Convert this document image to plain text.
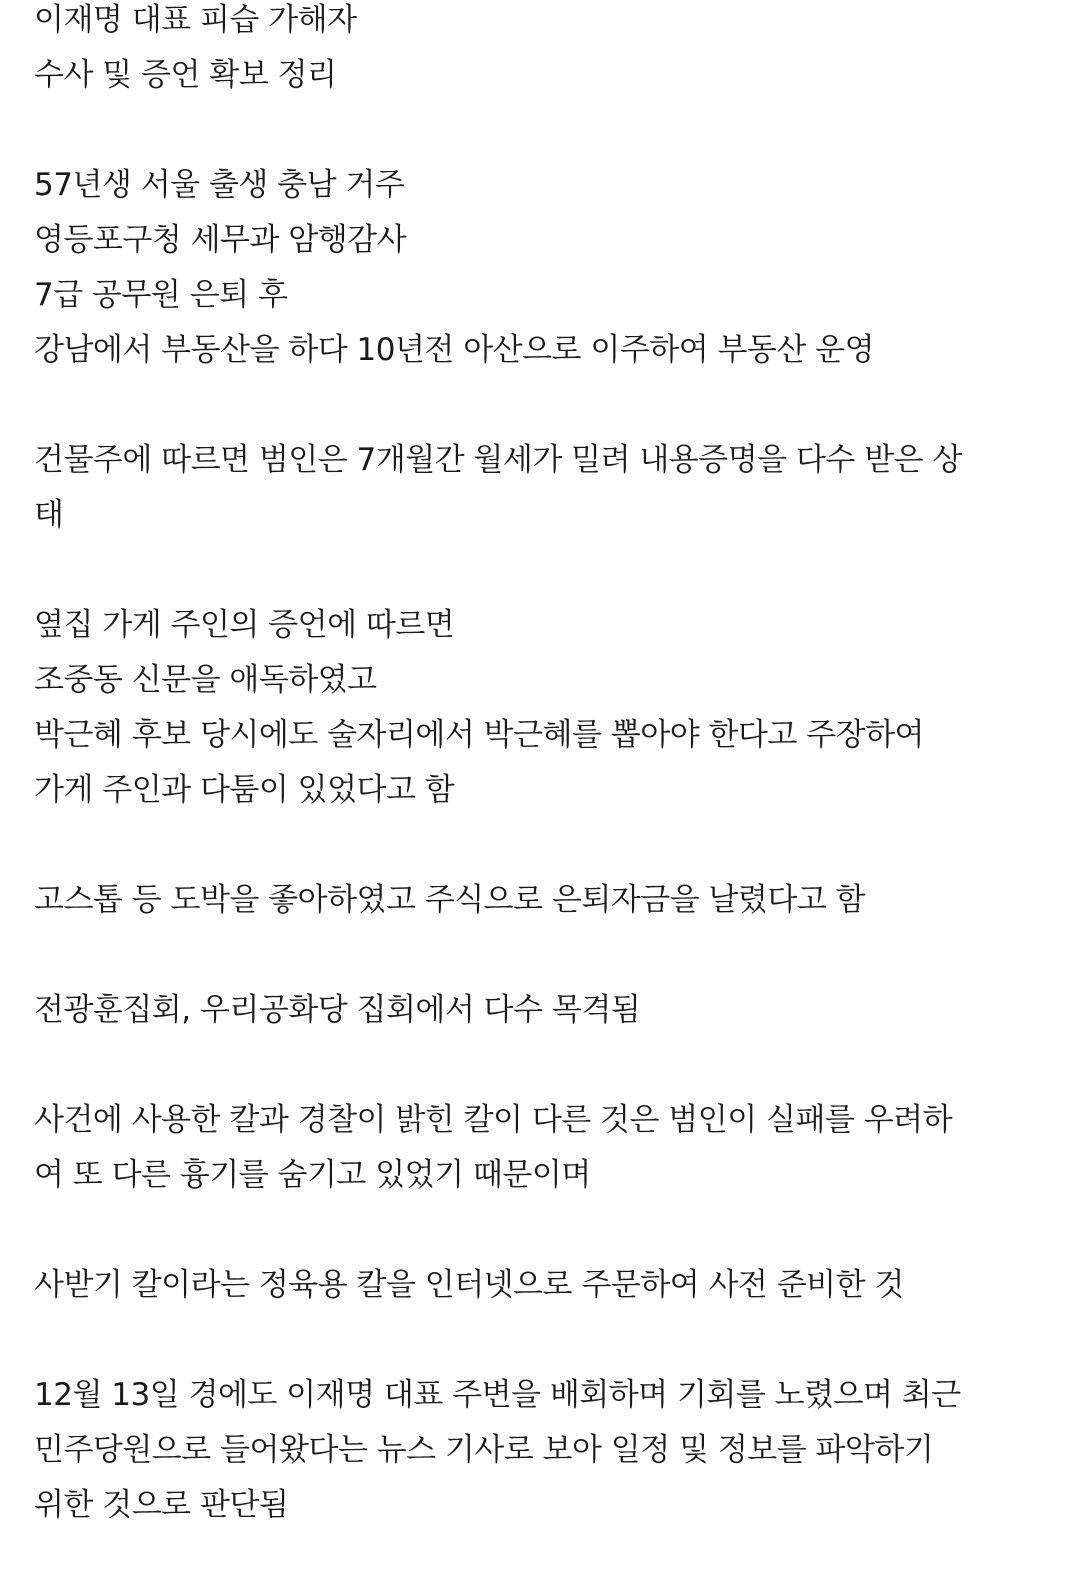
이재명 대표 피습 가해자
수사 및 증언 확보 정리
57년생 서울 출생 충남 거주
영등포구청 세무과 암행감사
7급 공무원 은퇴 후
강남에서 부동산을 하다 10년전 아산으로 이주하여 부동산 운영
건물주에 따르면 범인은 7개월간 월세가 밀려 내용증명을 다수 받은 상
태
옆집 가게 주인의 증언에 따르면
조중동 신문을 애독하였고
박근혜 후보 당시에도 술자리에서 박근혜를 뽑아야 한다고 주장하여
가게 주인과 다툼이 있었다고 함
고스톱 등 도박을 좋아하였고 주식으로 은퇴자금을 날렸다고 함
전광훈집회, 우리공화당 집회에서 다수 목격됨
사건에 사용한 칼과 경찰이 밝힌 칼이 다른 것은 범인이 실패를 우려하
여 또 다른 흉기를 숨기고 있었기 때문이며
사받기 칼이라는 정육용 칼을 인터넷으로 주문하여 사전 준비한 것
12월 13일 경에도 이재명 대표 주변을 배회하며 기회를 노렸으며 최근
민주당원으로 들어왔다는 뉴스 기사로 보아 일정 및 정보를 파악하기
위한 것으로 판단됨
